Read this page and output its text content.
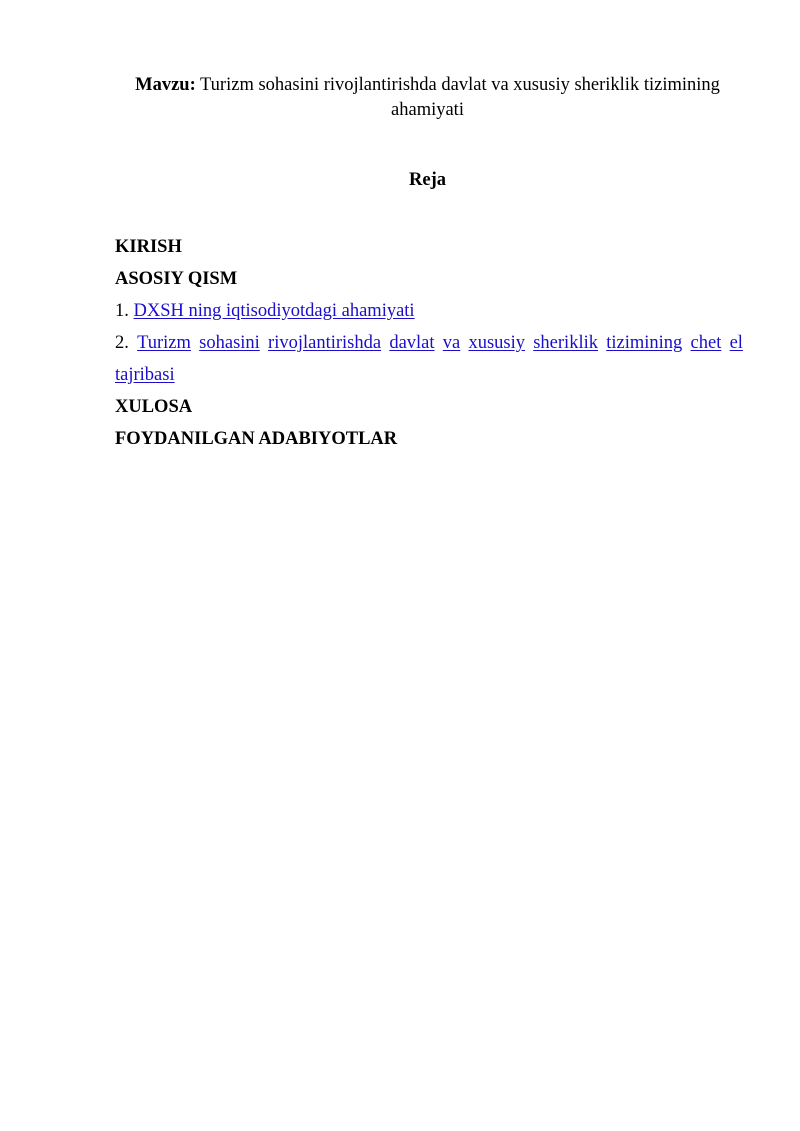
Mavzu: Turizm sohasini rivojlantirishda davlat va xususiy sheriklik tizimining
ahamiyati
Reja
KIRISH
ASOSIY QISM
1. DXSH ning iqtisodiyotdagi ahamiyati
2. Turizm sohasini rivojlantirishda davlat va xususiy sheriklik tizimining chet el
tajribasi
XULOSA
FOYDANILGAN ADABIYOTLAR
